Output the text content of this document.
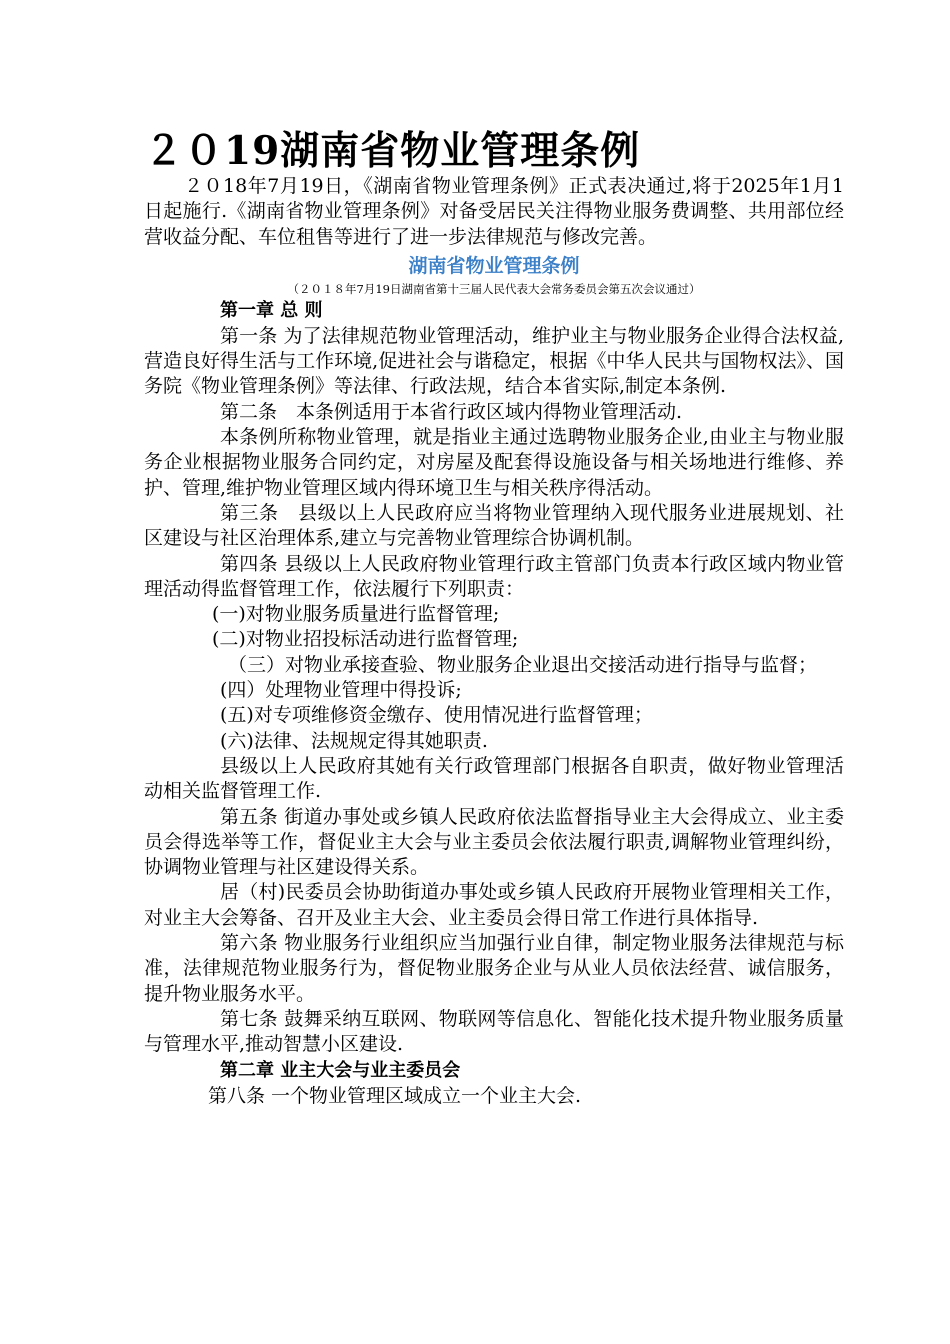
２０19湖南省物业管理条例

２０18年7月19日，《湖南省物业管理条例》正式表决通过,将于2025年1月1日起施行.《湖南省物业管理条例》对备受居民关注得物业服务费调整、共用部位经营收益分配、车位租售等进行了进一步法律规范与修改完善。

湖南省物业管理条例
（２０１８年7月19日湖南省第十三届人民代表大会常务委员会第五次会议通过）
第一章 总 则

第一条 为了法律规范物业管理活动，维护业主与物业服务企业得合法权益,营造良好得生活与工作环境,促进社会与谐稳定，根据《中华人民共与国物权法》、国务院《物业管理条例》等法律、行政法规，结合本省实际,制定本条例.

第二条　本条例适用于本省行政区域内得物业管理活动.

本条例所称物业管理，就是指业主通过选聘物业服务企业,由业主与物业服务企业根据物业服务合同约定，对房屋及配套得设施设备与相关场地进行维修、养护、管理,维护物业管理区域内得环境卫生与相关秩序得活动。

第三条　县级以上人民政府应当将物业管理纳入现代服务业进展规划、社区建设与社区治理体系,建立与完善物业管理综合协调机制。

第四条 县级以上人民政府物业管理行政主管部门负责本行政区域内物业管理活动得监督管理工作，依法履行下列职责：

(一)对物业服务质量进行监督管理;

(二)对物业招投标活动进行监督管理;

（三）对物业承接查验、物业服务企业退出交接活动进行指导与监督；

(四）处理物业管理中得投诉;

(五)对专项维修资金缴存、使用情况进行监督管理；

(六)法律、法规规定得其她职责.

县级以上人民政府其她有关行政管理部门根据各自职责，做好物业管理活动相关监督管理工作.

第五条 街道办事处或乡镇人民政府依法监督指导业主大会得成立、业主委员会得选举等工作，督促业主大会与业主委员会依法履行职责,调解物业管理纠纷，协调物业管理与社区建设得关系。

居（村)民委员会协助街道办事处或乡镇人民政府开展物业管理相关工作，对业主大会筹备、召开及业主大会、业主委员会得日常工作进行具体指导.

第六条 物业服务行业组织应当加强行业自律，制定物业服务法律规范与标准，法律规范物业服务行为，督促物业服务企业与从业人员依法经营、诚信服务，提升物业服务水平。

第七条 鼓舞采纳互联网、物联网等信息化、智能化技术提升物业服务质量与管理水平,推动智慧小区建设.

第二章 业主大会与业主委员会

第八条 一个物业管理区域成立一个业主大会.
